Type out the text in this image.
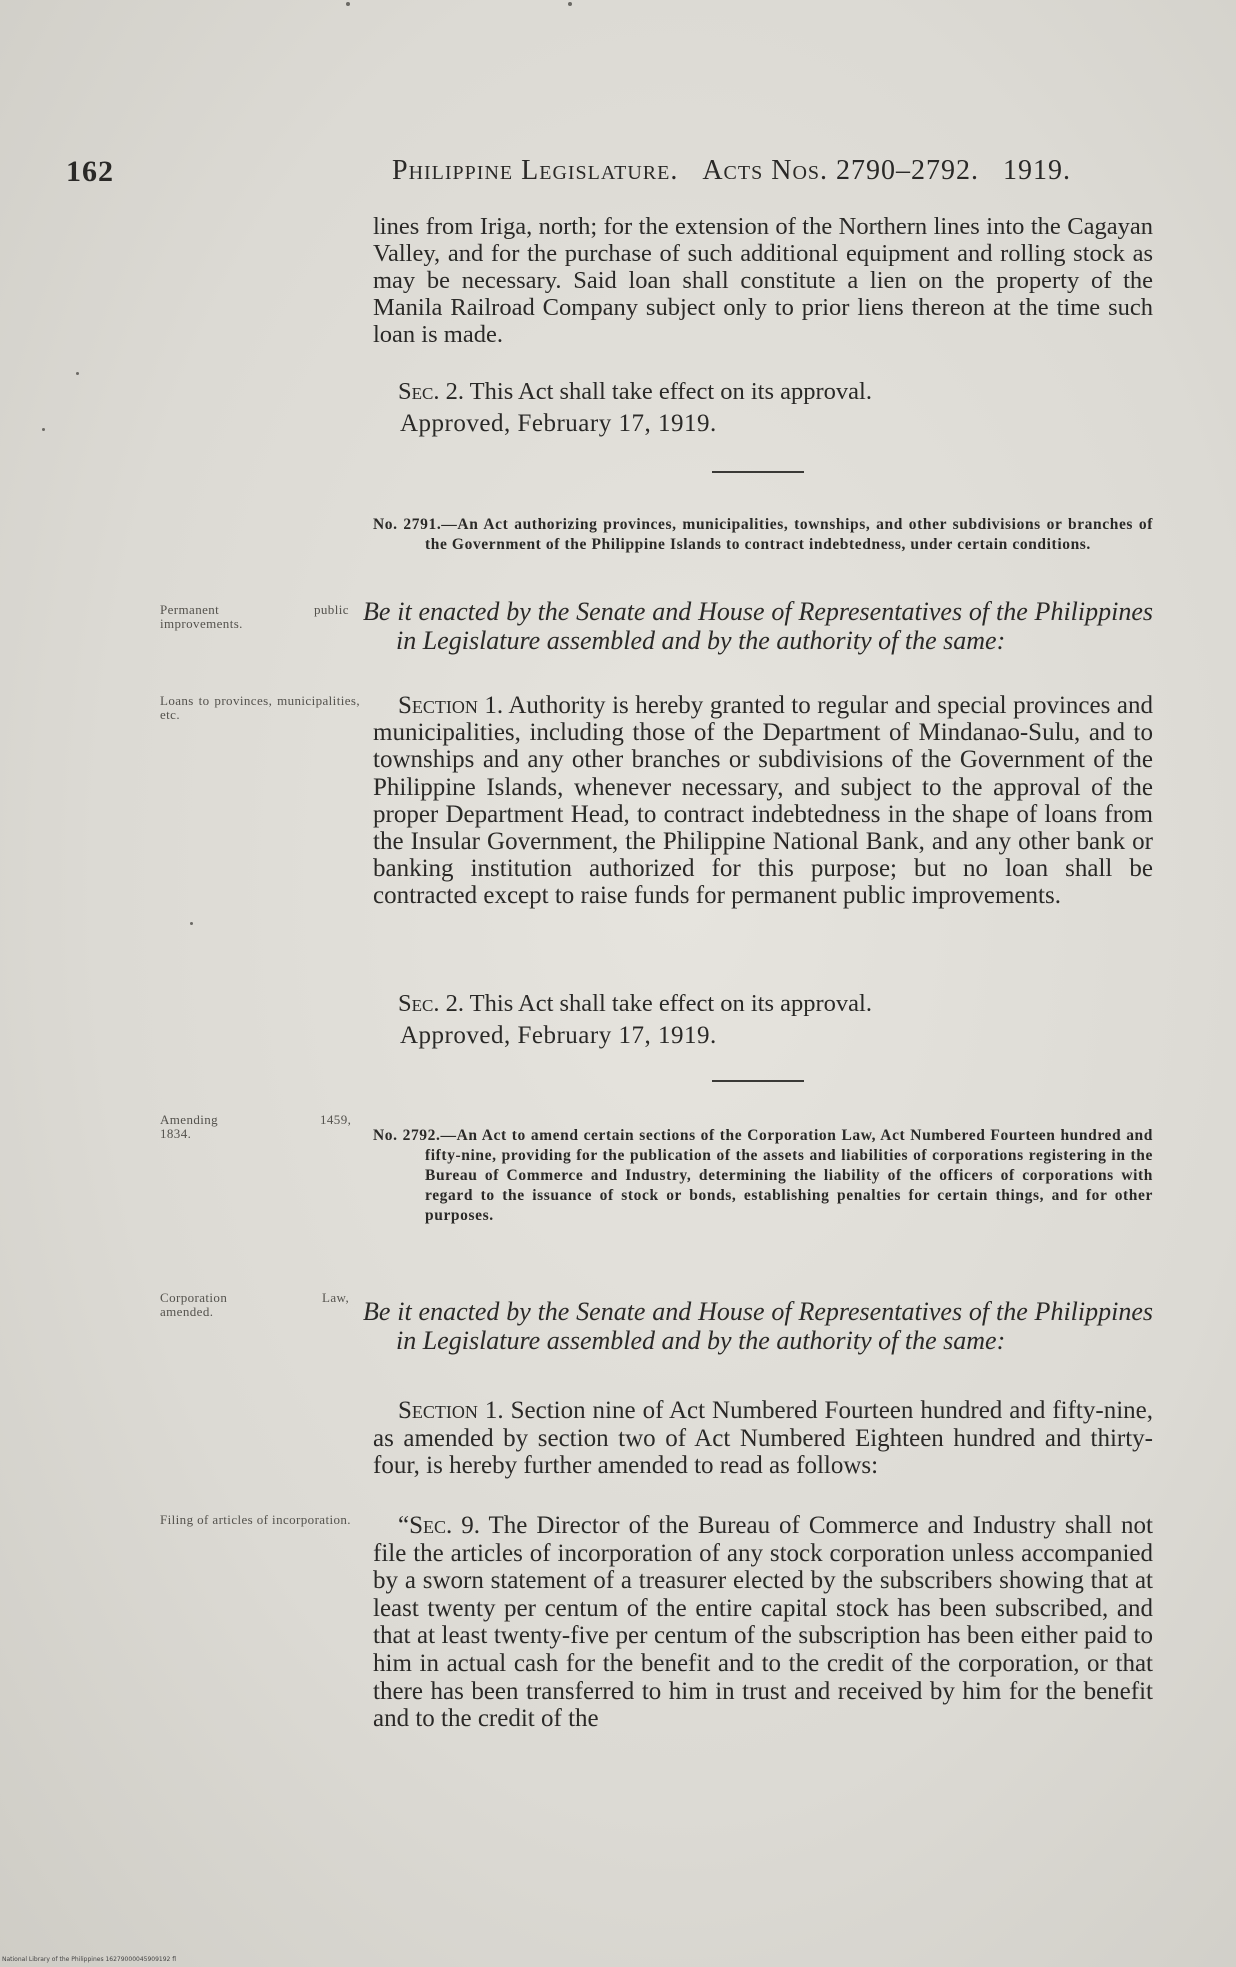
162	Philippine Legislature. Acts Nos. 2790–2792. 1919.
lines from Iriga, north; for the extension of the Northern lines into the Cagayan Valley, and for the purchase of such additional equipment and rolling stock as may be necessary. Said loan shall constitute a lien on the property of the Manila Railroad Company subject only to prior liens thereon at the time such loan is made.
Sec. 2. This Act shall take effect on its approval.
Approved, February 17, 1919.
No. 2791.—An Act authorizing provinces, municipalities, townships, and other subdivisions or branches of the Government of the Philippine Islands to contract indebtedness, under certain conditions.
Permanent	public

improvements.	Be it enacted by the Senate and House of Representatives of the Philippines in Legislature assembled and by the authority of the same:
Loans to provinces, municipalities, etc.	Section 1. Authority is hereby granted to regular and special provinces and municipalities, including those of the Department of Mindanao-Sulu, and to townships and any other branches or subdivisions of the Government of the Philippine Islands, whenever necessary, and subject to the approval of the proper Department Head, to contract indebtedness in the shape of loans from the Insular Government, the Philippine National Bank, and any other bank or banking institution authorized for this purpose; but no loan shall be contracted except to raise funds for permanent public improvements.
Sec. 2. This Act shall take effect on its approval.
Approved, February 17, 1919.
Amending	1459,

1834.	No. 2792.—An Act to amend certain sections of the Corporation Law, Act Numbered Fourteen hundred and fifty-nine, providing for the publication of the assets and liabilities of corporations registering in the Bureau of Commerce and Industry, determining the liability of the officers of corporations with regard to the issuance of stock or bonds, establishing penalties for certain things, and for other purposes.
Corporation	Law,

amended.	Be it enacted by the Senate and House of Representatives of the Philippines in Legislature assembled and by the authority of the same:
Section 1. Section nine of Act Numbered Fourteen hundred and fifty-nine, as amended by section two of Act Numbered Eighteen hundred and thirty-four, is hereby further amended to read as follows:
Filing of articles of incorporation.	“Sec. 9. The Director of the Bureau of Commerce and Industry shall not file the articles of incorporation of any stock corporation unless accompanied by a sworn statement of a treasurer elected by the subscribers showing that at least twenty per centum of the entire capital stock has been subscribed, and that at least twenty-five per centum of the subscription has been either paid to him in actual cash for the benefit and to the credit of the corporation, or that there has been transferred to him in trust and received by him for the benefit and to the credit of the
National Library of the Philippines 16279000045909192 fl
